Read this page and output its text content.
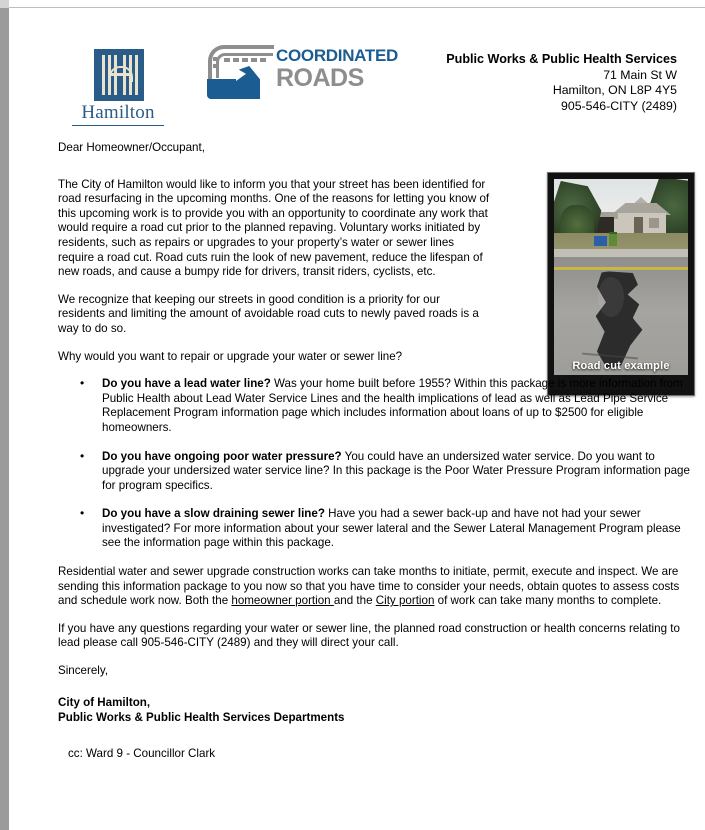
Hamilton
COORDINATED
ROADS
Public Works & Public Health Services
71 Main St W
Hamilton, ON L8P 4Y5
905-546-CITY (2489)
Road cut example

Dear Homeowner/Occupant,

The City of Hamilton would like to inform you that your street has been identified for road resurfacing in the upcoming months. One of the reasons for letting you know of this upcoming work is to provide you with an opportunity to coordinate any work that would require a road cut prior to the planned repaving. Voluntary works initiated by residents, such as repairs or upgrades to your property’s water or sewer lines require a road cut. Road cuts ruin the look of new pavement, reduce the lifespan of new roads, and cause a bumpy ride for drivers, transit riders, cyclists, etc.

We recognize that keeping our streets in good condition is a priority for our residents and limiting the amount of avoidable road cuts to newly paved roads is a way to do so.

Why would you want to repair or upgrade your water or sewer line?

• Do you have a lead water line? Was your home built before 1955? Within this package is more information from Public Health about Lead Water Service Lines and the health implications of lead as well as Lead Pipe Service Replacement Program information page which includes information about loans of up to $2500 for eligible homeowners.
• Do you have ongoing poor water pressure? You could have an undersized water service. Do you want to upgrade your undersized water service line? In this package is the Poor Water Pressure Program information page for program specifics.
• Do you have a slow draining sewer line? Have you had a sewer back-up and have not had your sewer investigated? For more information about your sewer lateral and the Sewer Lateral Management Program please see the information page within this package.

Residential water and sewer upgrade construction works can take months to initiate, permit, execute and inspect. We are sending this information package to you now so that you have time to consider your needs, obtain quotes to assess costs and schedule work now. Both the homeowner portion and the City portion of work can take many months to complete.

If you have any questions regarding your water or sewer line, the planned road construction or health concerns relating to lead please call 905-546-CITY (2489) and they will direct your call.

Sincerely,

City of Hamilton,
Public Works & Public Health Services Departments
cc: Ward 9 - Councillor Clark
